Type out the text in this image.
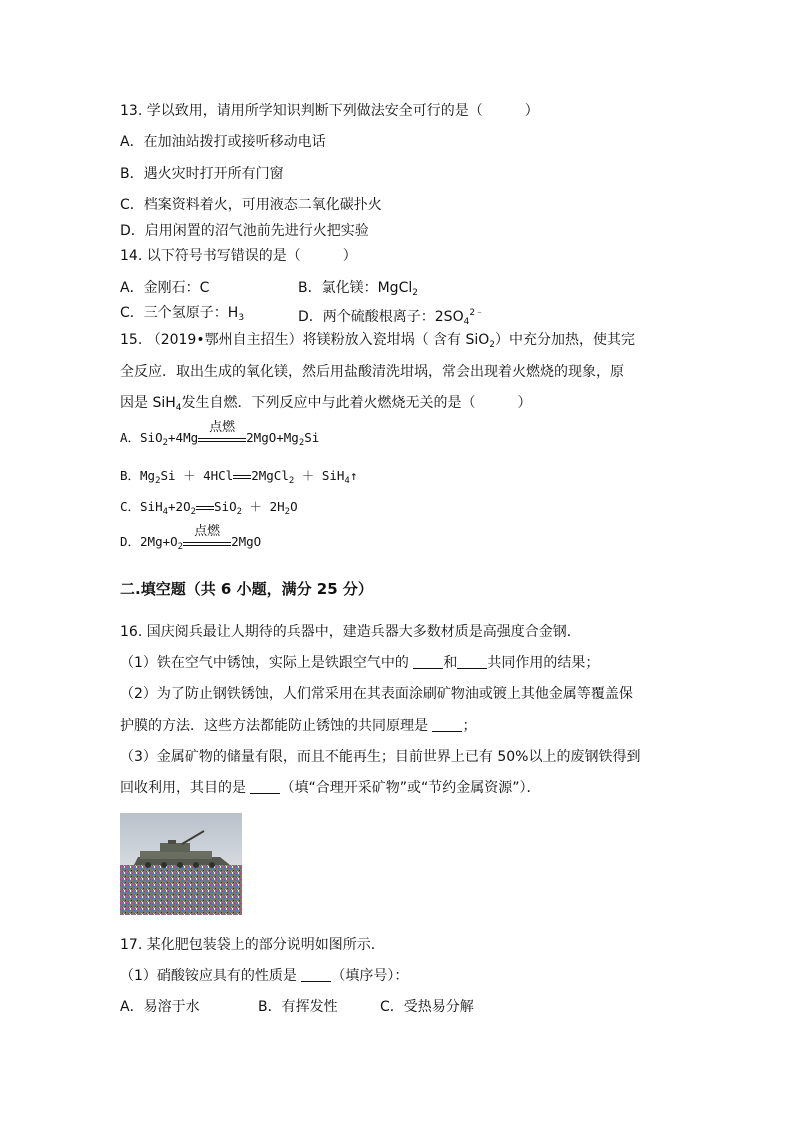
13. 学以致用，请用所学知识判断下列做法安全可行的是（　　　）
A．在加油站拨打或接听移动电话
B．遇火灾时打开所有门窗
C．档案资料着火，可用液态二氧化碳扑火
D．启用闲置的沼气池前先进行火把实验
14. 以下符号书写错误的是（　　　）
A．金刚石：C	B．氯化镁：MgCl$_2$
C．三个氢原子：$H_3$	D．两个硫酸根离子：$2SO_4^{2﹣}$
15. （2019•鄂州自主招生）将镁粉放入瓷坩埚（ 含有 SiO$_2$）中充分加热，使其完
全反应．取出生成的氧化镁，然后用盐酸清洗坩埚，常会出现着火燃烧的现象，原
因是 SiH$_4$发生自燃．下列反应中与此着火燃烧无关的是（　　　）
A．SiO$_2$+4Mg
点燃
$2MgO+Mg_2Si$
B．$Mg_2Si + 4HCl$ 2MgCl$_2$ ＋ SiH$_4$↑
C．$SiH_4+2O_2$ $SiO_2 + 2H_2O$
D．$2Mg+O_2$
点燃
2MgO
二.填空题（共 6 小题，满分 25 分）
16. 国庆阅兵最让人期待的兵器中，建造兵器大多数材质是高强度合金钢．
（1）铁在空气中锈蚀，实际上是铁跟空气中的 和 共同作用的结果；
（2）为了防止钢铁锈蚀，人们常采用在其表面涂刷矿物油或镀上其他金属等覆盖保
护膜的方法．这些方法都能防止锈蚀的共同原理是 ；
（3）金属矿物的储量有限，而且不能再生；目前世界上已有 50%以上的废钢铁得到
回收利用，其目的是 （填“合理开采矿物”或“节约金属资源”）．
17. 某化肥包装袋上的部分说明如图所示．
（1）硝酸铵应具有的性质是 （填序号）：
A．易溶于水	B．有挥发性	C．受热易分解
